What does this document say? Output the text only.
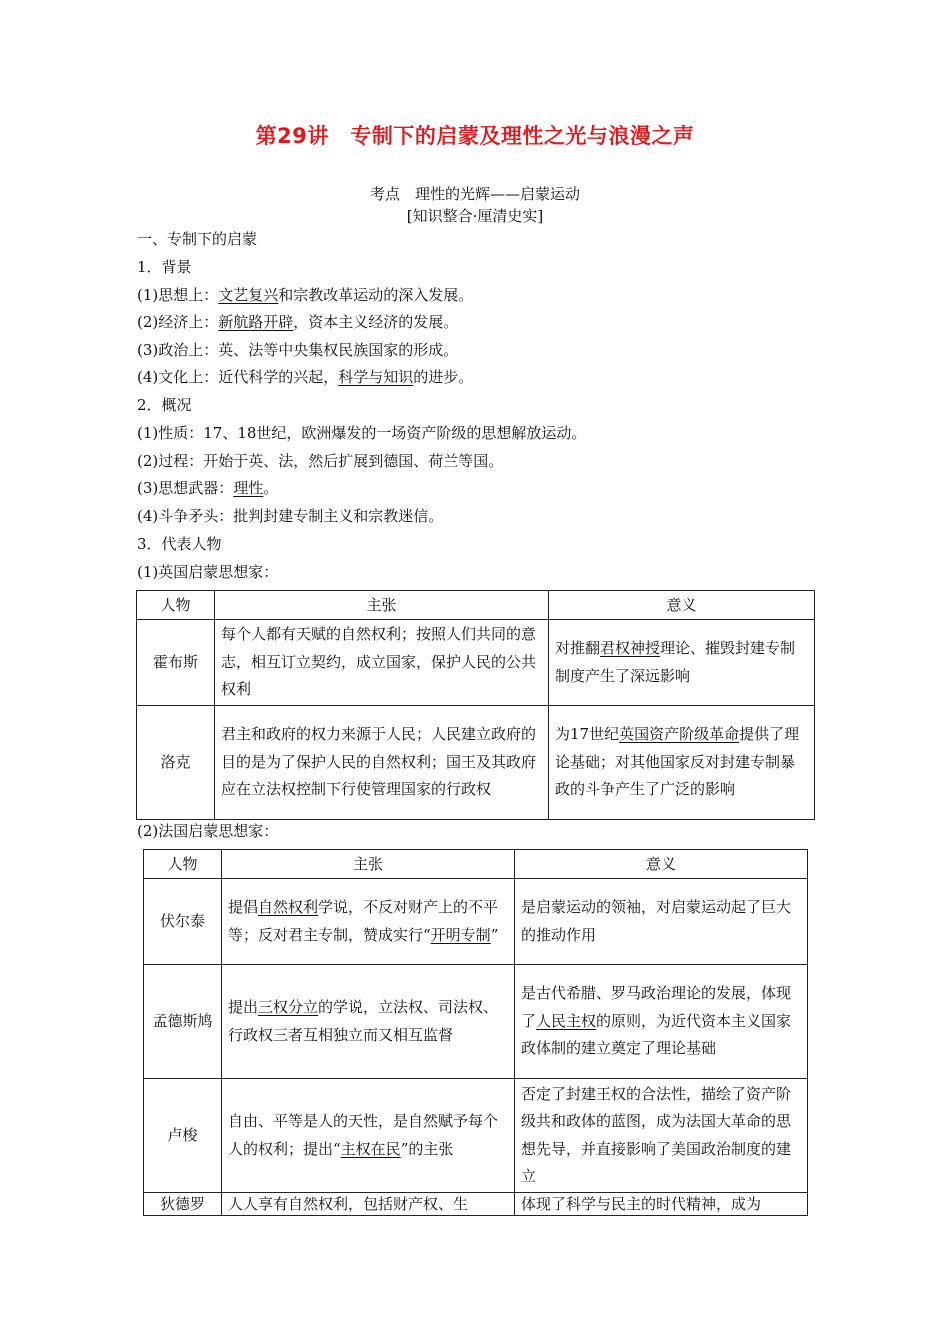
第29讲　专制下的启蒙及理性之光与浪漫之声
考点　理性的光辉——启蒙运动
[知识整合·厘清史实]
一、专制下的启蒙
1．背景
(1)思想上：文艺复兴和宗教改革运动的深入发展。
(2)经济上：新航路开辟，资本主义经济的发展。
(3)政治上：英、法等中央集权民族国家的形成。
(4)文化上：近代科学的兴起，科学与知识的进步。
2．概况
(1)性质：17、18世纪，欧洲爆发的一场资产阶级的思想解放运动。
(2)过程：开始于英、法，然后扩展到德国、荷兰等国。
(3)思想武器：理性。
(4)斗争矛头：批判封建专制主义和宗教迷信。
3．代表人物
(1)英国启蒙思想家：
人物	主张	意义
霍布斯	每个人都有天赋的自然权利；按照人们共同的意志，相互订立契约，成立国家，保护人民的公共权利	对推翻君权神授理论、摧毁封建专制制度产生了深远影响
洛克	君主和政府的权力来源于人民；人民建立政府的目的是为了保护人民的自然权利；国王及其政府应在立法权控制下行使管理国家的行政权	为17世纪英国资产阶级革命提供了理论基础；对其他国家反对封建专制暴政的斗争产生了广泛的影响
(2)法国启蒙思想家：
人物	主张	意义
伏尔泰	提倡自然权利学说，不反对财产上的不平等；反对君主专制，赞成实行“开明专制”	是启蒙运动的领袖，对启蒙运动起了巨大的推动作用
孟德斯鸠	提出三权分立的学说，立法权、司法权、行政权三者互相独立而又相互监督	是古代希腊、罗马政治理论的发展，体现了人民主权的原则，为近代资本主义国家政体制的建立奠定了理论基础
卢梭	自由、平等是人的天性，是自然赋予每个人的权利；提出“主权在民”的主张	否定了封建王权的合法性，描绘了资产阶级共和政体的蓝图，成为法国大革命的思想先导，并直接影响了美国政治制度的建立
狄德罗	人人享有自然权利，包括财产权、生	体现了科学与民主的时代精神，成为
